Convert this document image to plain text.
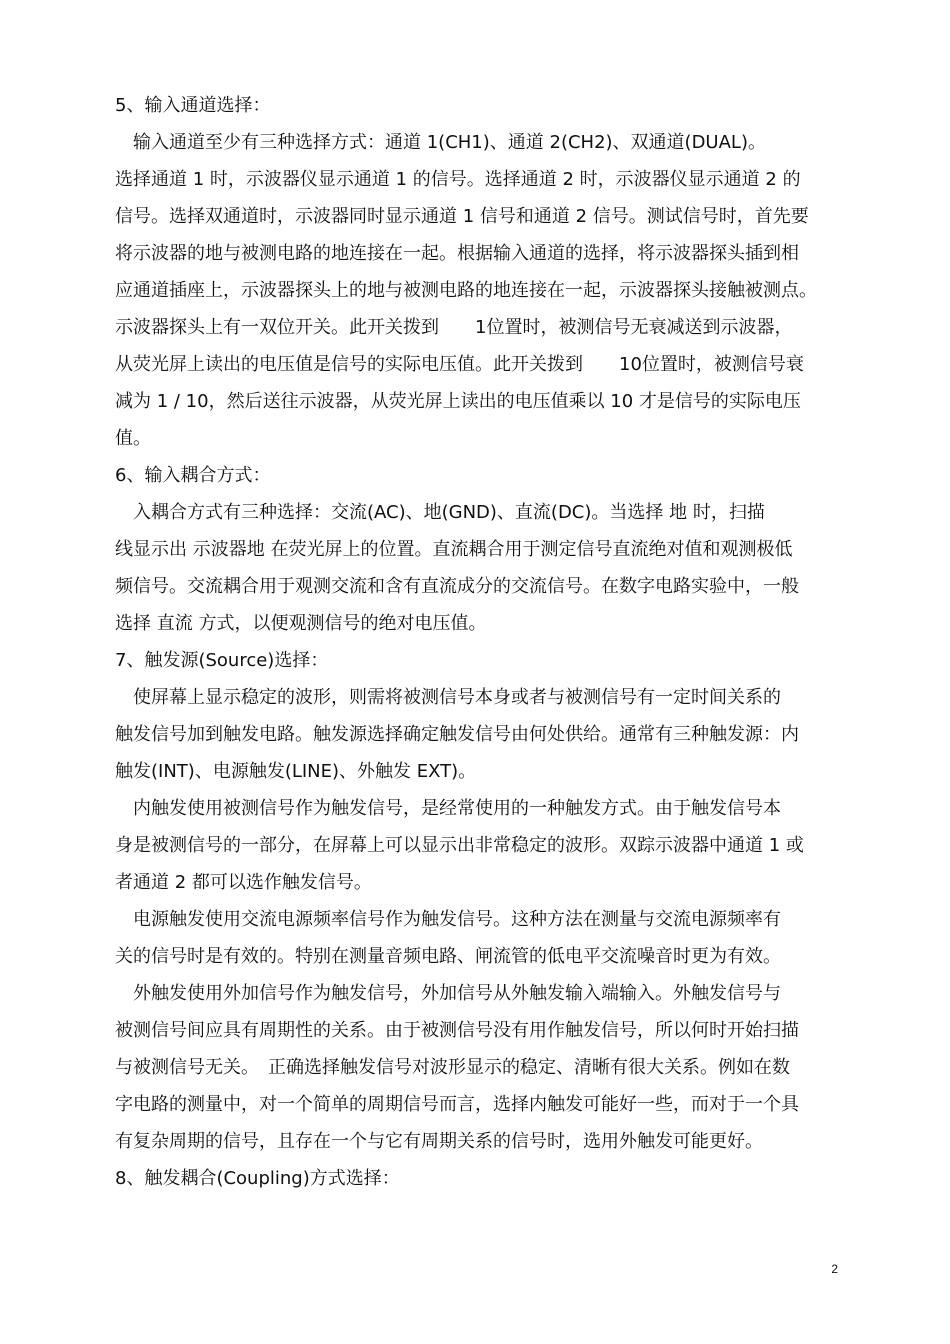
5、输入通道选择：
　输入通道至少有三种选择方式：通道 1(CH1)、通道 2(CH2)、双通道(DUAL)。
选择通道 1 时，示波器仪显示通道 1 的信号。选择通道 2 时，示波器仪显示通道 2 的
信号。选择双通道时，示波器同时显示通道 1 信号和通道 2 信号。测试信号时，首先要
将示波器的地与被测电路的地连接在一起。根据输入通道的选择，将示波器探头插到相
应通道插座上，示波器探头上的地与被测电路的地连接在一起，示波器探头接触被测点。
示波器探头上有一双位开关。此开关拨到　　1位置时，被测信号无衰减送到示波器，
从荧光屏上读出的电压值是信号的实际电压值。此开关拨到　　10位置时，被测信号衰
减为 1 / 10，然后送往示波器，从荧光屏上读出的电压值乘以 10 才是信号的实际电压
值。
6、输入耦合方式：
　入耦合方式有三种选择：交流(AC)、地(GND)、直流(DC)。当选择 地 时，扫描
线显示出 示波器地 在荧光屏上的位置。直流耦合用于测定信号直流绝对值和观测极低
频信号。交流耦合用于观测交流和含有直流成分的交流信号。在数字电路实验中，一般
选择 直流 方式，以便观测信号的绝对电压值。
7、触发源(Source)选择：
　使屏幕上显示稳定的波形，则需将被测信号本身或者与被测信号有一定时间关系的
触发信号加到触发电路。触发源选择确定触发信号由何处供给。通常有三种触发源：内
触发(INT)、电源触发(LINE)、外触发 EXT)。
　内触发使用被测信号作为触发信号，是经常使用的一种触发方式。由于触发信号本
身是被测信号的一部分，在屏幕上可以显示出非常稳定的波形。双踪示波器中通道 1 或
者通道 2 都可以选作触发信号。
　电源触发使用交流电源频率信号作为触发信号。这种方法在测量与交流电源频率有
关的信号时是有效的。特别在测量音频电路、闸流管的低电平交流噪音时更为有效。
　外触发使用外加信号作为触发信号，外加信号从外触发输入端输入。外触发信号与
被测信号间应具有周期性的关系。由于被测信号没有用作触发信号，所以何时开始扫描
与被测信号无关。　正确选择触发信号对波形显示的稳定、清晰有很大关系。例如在数
字电路的测量中，对一个简单的周期信号而言，选择内触发可能好一些，而对于一个具
有复杂周期的信号，且存在一个与它有周期关系的信号时，选用外触发可能更好。
8、触发耦合(Coupling)方式选择：
2
